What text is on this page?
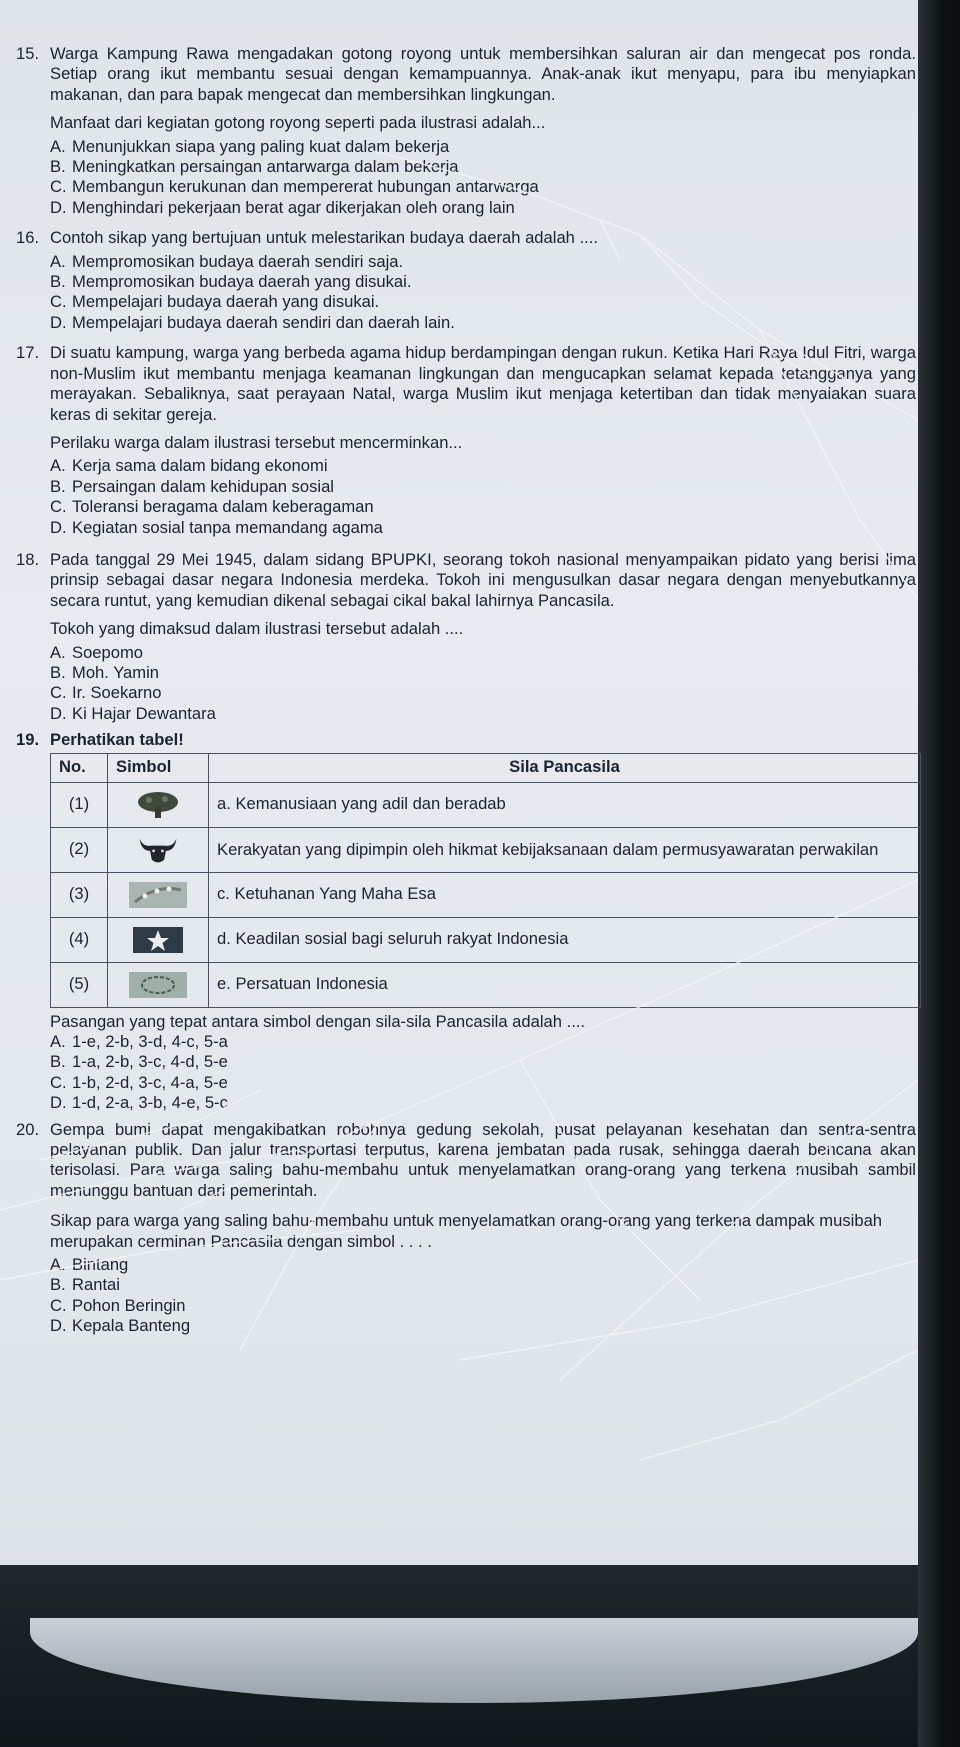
15. Warga Kampung Rawa mengadakan gotong royong untuk membersihkan saluran air dan mengecat pos ronda. Setiap orang ikut membantu sesuai dengan kemampuannya. Anak-anak ikut menyapu, para ibu menyiapkan makanan, dan para bapak mengecat dan membersihkan lingkungan.
Manfaat dari kegiatan gotong royong seperti pada ilustrasi adalah...
A. Menunjukkan siapa yang paling kuat dalam bekerja
B. Meningkatkan persaingan antarwarga dalam bekerja
C. Membangun kerukunan dan mempererat hubungan antarwarga
D. Menghindari pekerjaan berat agar dikerjakan oleh orang lain
16. Contoh sikap yang bertujuan untuk melestarikan budaya daerah adalah ....
A. Mempromosikan budaya daerah sendiri saja.
B. Mempromosikan budaya daerah yang disukai.
C. Mempelajari budaya daerah yang disukai.
D. Mempelajari budaya daerah sendiri dan daerah lain.
17. Di suatu kampung, warga yang berbeda agama hidup berdampingan dengan rukun. Ketika Hari Raya Idul Fitri, warga non-Muslim ikut membantu menjaga keamanan lingkungan dan mengucapkan selamat kepada tetangganya yang merayakan. Sebaliknya, saat perayaan Natal, warga Muslim ikut menjaga ketertiban dan tidak menyalakan suara keras di sekitar gereja.
Perilaku warga dalam ilustrasi tersebut mencerminkan...
A. Kerja sama dalam bidang ekonomi
B. Persaingan dalam kehidupan sosial
C. Toleransi beragama dalam keberagaman
D. Kegiatan sosial tanpa memandang agama
18. Pada tanggal 29 Mei 1945, dalam sidang BPUPKI, seorang tokoh nasional menyampaikan pidato yang berisi lima prinsip sebagai dasar negara Indonesia merdeka. Tokoh ini mengusulkan dasar negara dengan menyebutkannya secara runtut, yang kemudian dikenal sebagai cikal bakal lahirnya Pancasila.
Tokoh yang dimaksud dalam ilustrasi tersebut adalah ....
A. Soepomo
B. Moh. Yamin
C. Ir. Soekarno
D. Ki Hajar Dewantara
19. Perhatikan tabel!
No.	Simbol	Sila Pancasila
(1)		a. Kemanusiaan yang adil dan beradab
(2)		Kerakyatan yang dipimpin oleh hikmat kebijaksanaan dalam permusyawaratan perwakilan
(3)		c. Ketuhanan Yang Maha Esa
(4)		d. Keadilan sosial bagi seluruh rakyat Indonesia
(5)		e. Persatuan Indonesia
Pasangan yang tepat antara simbol dengan sila-sila Pancasila adalah ....
A. 1-e, 2-b, 3-d, 4-c, 5-a
B. 1-a, 2-b, 3-c, 4-d, 5-e
C. 1-b, 2-d, 3-c, 4-a, 5-e
D. 1-d, 2-a, 3-b, 4-e, 5-c
20. Gempa bumi dapat mengakibatkan robohnya gedung sekolah, pusat pelayanan kesehatan dan sentra-sentra pelayanan publik. Dan jalur transportasi terputus, karena jembatan pada rusak, sehingga daerah bencana akan terisolasi. Para warga saling bahu-membahu untuk menyelamatkan orang-orang yang terkena musibah sambil menunggu bantuan dari pemerintah.
Sikap para warga yang saling bahu-membahu untuk menyelamatkan orang-orang yang terkena dampak musibah merupakan cerminan Pancasila dengan simbol . . . .
A. Bintang
B. Rantai
C. Pohon Beringin
D. Kepala Banteng
